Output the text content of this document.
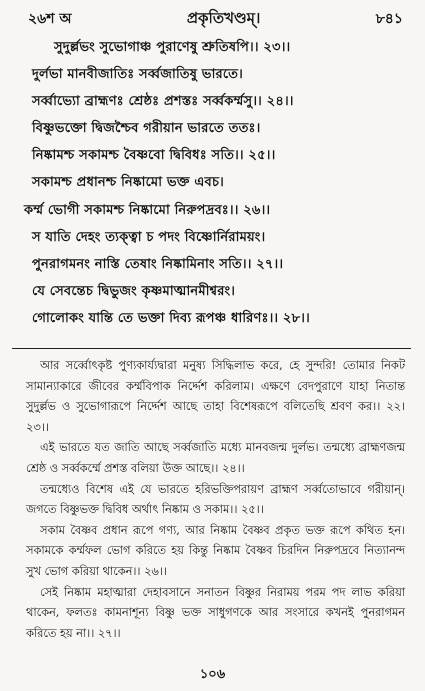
২৬শ অ	প্রকৃতিখণ্ডম্।	৮৪১
সুদুর্ল্লভং সুভোগাঞ্চ পুরাণেষু শ্রুতিষপি।। ২৩।।
দুর্লভা মানবীজাতিঃ সর্ব্বজাতিষু ভারতে।
সর্ব্বাভ্যো ব্রাহ্মণঃ শ্রেষ্ঠঃ প্রশস্তঃ সর্ব্বকর্ম্মসু।। ২৪।।
বিষ্ণুভক্তো দ্বিজশ্চৈব গরীয়ান ভারতে ততঃ।
নিষ্কামশ্চ সকামশ্চ বৈষ্ণবো দ্বিবিধঃ সতি।। ২৫।।
সকামশ্চ প্রধানশ্চ নিষ্কামো ভক্ত এবচ।
কর্ম্ম ভোগী সকামশ্চ নিষ্কামো নিরুপদ্রবঃ।। ২৬।।
স যাতি দেহং ত্যক্ত্বা চ পদং বিষ্ণোর্নিরাময়ং।
পুনরাগমনং নাস্তি তেষাং নিষ্কামিনাং সতি।। ২৭।।
যে সেবন্তেচ দ্বিভুজং কৃষ্ণমাত্মানমীশ্বরং।
গোলোকং যান্তি তে ভক্তা দিব্য রূপঞ্চ ধারিণঃ।। ২৮।।

আর সর্ব্বোৎকৃষ্ট পুণ্যকার্য্যদ্বারা মনুষ্য সিদ্ধিলাভ করে, হে সুন্দরি! তোমার নিকট সামান্যাকারে জীবের কর্ম্মবিপাক নির্দ্দেশ করিলাম। এক্ষণে বেদপুরাণে যাহা নিতান্ত সুদুর্ল্লভ ও সুভোগারূপে নির্দ্দেশ আছে তাহা বিশেষরূপে বলিতেছি শ্রবণ কর।। ২২। ২৩।।

এই ভারতে যত জাতি আছে সর্ব্বজাতি মধ্যে মানবজন্ম দুর্লভ। তন্মধ্যে ব্রাহ্মণজন্ম শ্রেষ্ঠ ও সর্ব্বকর্ম্মে প্রশস্ত বলিয়া উক্ত আছে।। ২৪।।

তন্মধ্যেও বিশেষ এই যে ভারতে হরিভক্তিপরায়ণ ব্রাহ্মণ সর্ব্বতোভাবে গরীয়ান্। জগতে বিষ্ণুভক্ত দ্বিবিধ অর্থাৎ নিষ্কাম ও সকাম।। ২৫।।

সকাম বৈষ্ণব প্রধান রূপে গণ্য, আর নিষ্কাম বৈষ্ণব প্রকৃত ভক্ত রূপে কথিত হন। সকামকে কর্ম্মফল ভোগ করিতে হয় কিন্তু নিষ্কাম বৈষ্ণব চিরদিন নিরুপদ্রবে নিত্যানন্দ সুখ ভোগ করিয়া থাকেন।। ২৬।।

সেই নিষ্কাম মহাত্মারা দেহাবসানে সনাতন বিষ্ণুর নিরাময় পরম পদ লাভ করিয়া থাকেন, ফলতঃ কামনাশূন্য বিষ্ণু ভক্ত সাধুগণকে আর সংসারে কখনই পুনরাগমন করিতে হয় না।। ২৭।।

১০৬
